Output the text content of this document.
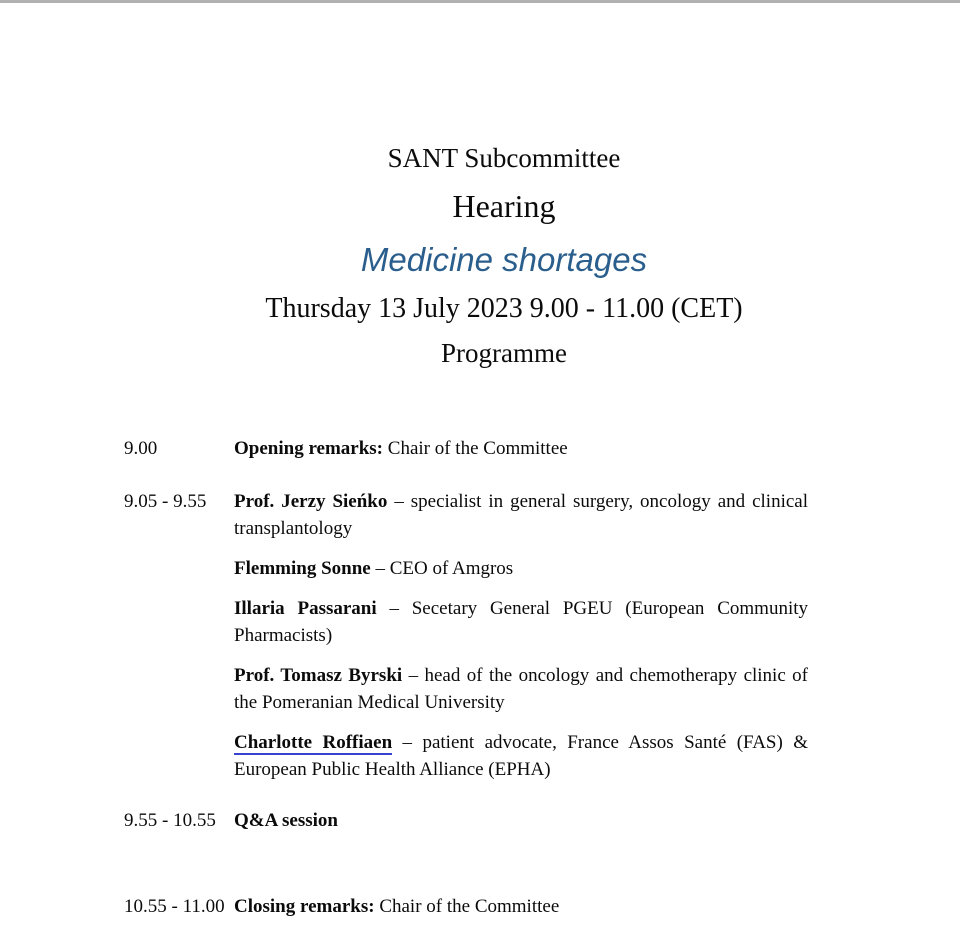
SANT Subcommittee
Hearing
Medicine shortages
Thursday 13 July 2023 9.00 - 11.00 (CET)
Programme
9.00	Opening remarks: Chair of the Committee

9.05 - 9.55	Prof. Jerzy Sieńko – specialist in general surgery, oncology and clinical transplantology

Flemming Sonne – CEO of Amgros

Illaria Passarani – Secetary General PGEU (European Community Pharmacists)

Prof. Tomasz Byrski – head of the oncology and chemotherapy clinic of the Pomeranian Medical University

Charlotte Roffiaen – patient advocate, France Assos Santé (FAS) & European Public Health Alliance (EPHA)

9.55 - 10.55 Q&A session

10.55 - 11.00 Closing remarks: Chair of the Committee
